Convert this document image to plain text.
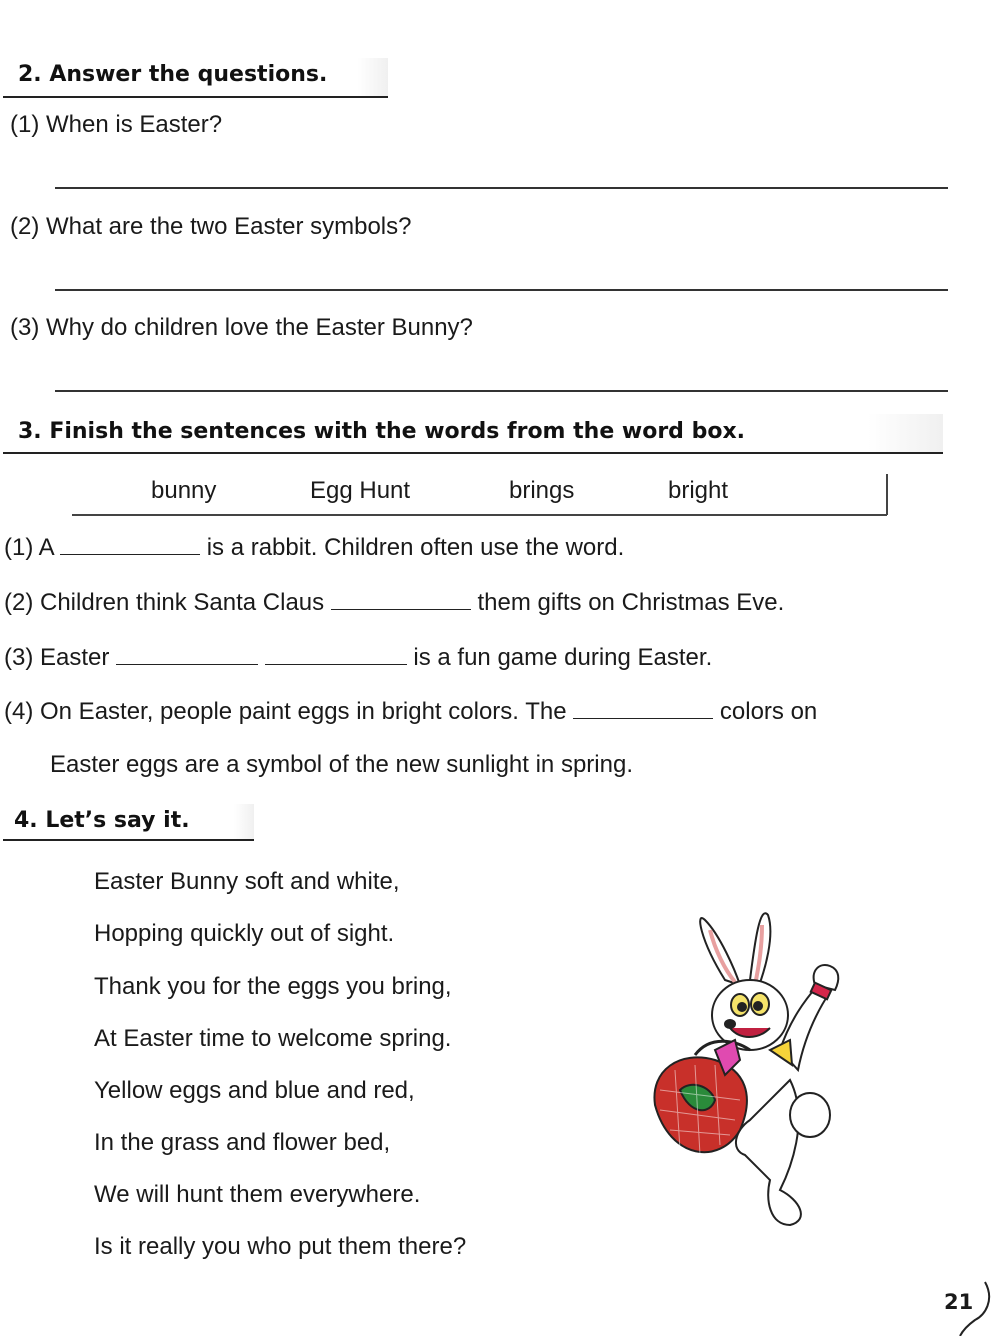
2. Answer the questions.
(1) When is Easter?
(2) What are the two Easter symbols?
(3) Why do children love the Easter Bunny?
3. Finish the sentences with the words from the word box.
bunny	Egg Hunt	brings	bright
(1) A	is a rabbit. Children often use the word.
(2) Children think Santa Claus	them gifts on Christmas Eve.
(3) Easter	is a fun game during Easter.
(4) On Easter, people paint eggs in bright colors. The	colors on
Easter eggs are a symbol of the new sunlight in spring.
4. Let’s say it.
Easter Bunny soft and white,
Hopping quickly out of sight.
Thank you for the eggs you bring,
At Easter time to welcome spring.
Yellow eggs and blue and red,
In the grass and flower bed,
We will hunt them everywhere.
Is it really you who put them there?
21
